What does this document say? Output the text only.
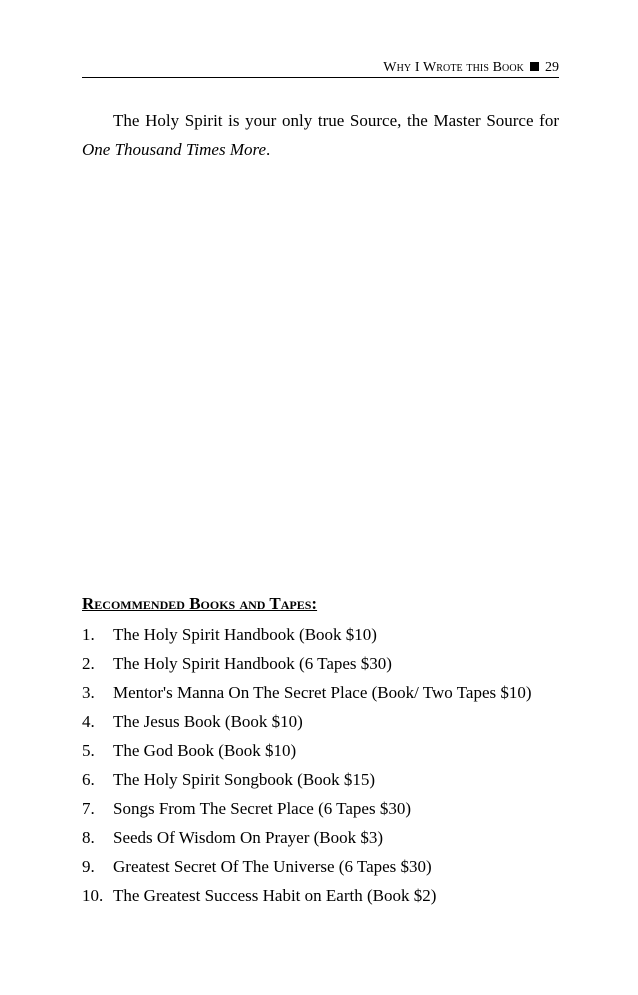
Why I Wrote this Book 29

The Holy Spirit is your only true Source, the Master Source for One Thousand Times More.

Recommended Books and Tapes:
1. The Holy Spirit Handbook (Book $10)
2. The Holy Spirit Handbook (6 Tapes $30)
3. Mentor's Manna On The Secret Place (Book/ Two Tapes $10)
4. The Jesus Book (Book $10)
5. The God Book (Book $10)
6. The Holy Spirit Songbook (Book $15)
7. Songs From The Secret Place (6 Tapes $30)
8. Seeds Of Wisdom On Prayer (Book $3)
9. Greatest Secret Of The Universe (6 Tapes $30)
10. The Greatest Success Habit on Earth (Book $2)
